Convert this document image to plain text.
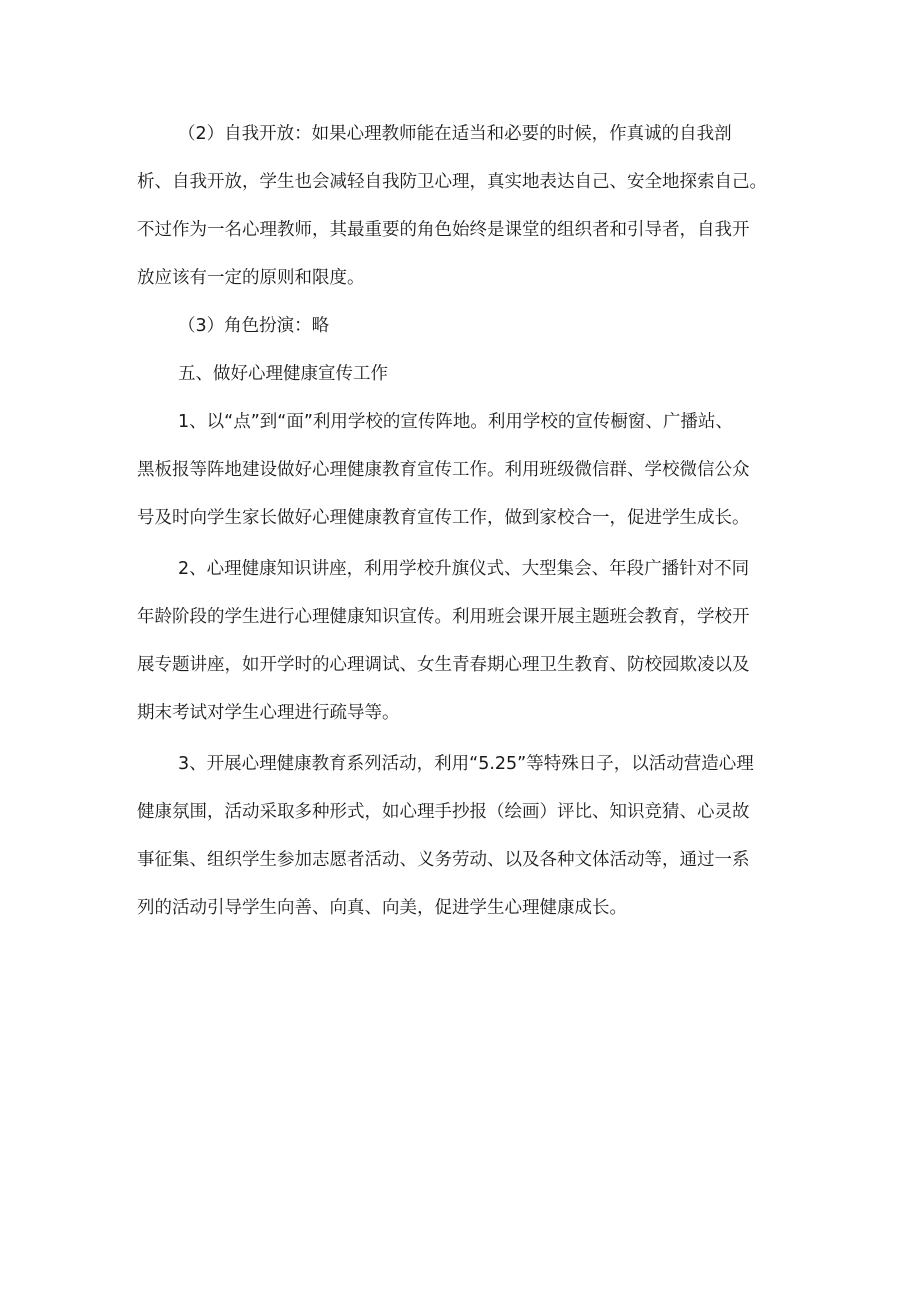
（2）自我开放：如果心理教师能在适当和必要的时候，作真诚的自我剖
析、自我开放，学生也会减轻自我防卫心理，真实地表达自己、安全地探索自己。
不过作为一名心理教师，其最重要的角色始终是课堂的组织者和引导者，自我开
放应该有一定的原则和限度。
（3）角色扮演：略
五、做好心理健康宣传工作
1、以“点”到“面”利用学校的宣传阵地。利用学校的宣传橱窗、广播站、
黑板报等阵地建设做好心理健康教育宣传工作。利用班级微信群、学校微信公众
号及时向学生家长做好心理健康教育宣传工作，做到家校合一，促进学生成长。
2、心理健康知识讲座，利用学校升旗仪式、大型集会、年段广播针对不同
年龄阶段的学生进行心理健康知识宣传。利用班会课开展主题班会教育，学校开
展专题讲座，如开学时的心理调试、女生青春期心理卫生教育、防校园欺凌以及
期末考试对学生心理进行疏导等。
3、开展心理健康教育系列活动，利用“5.25”等特殊日子，以活动营造心理
健康氛围，活动采取多种形式，如心理手抄报（绘画）评比、知识竞猜、心灵故
事征集、组织学生参加志愿者活动、义务劳动、以及各种文体活动等，通过一系
列的活动引导学生向善、向真、向美，促进学生心理健康成长。
